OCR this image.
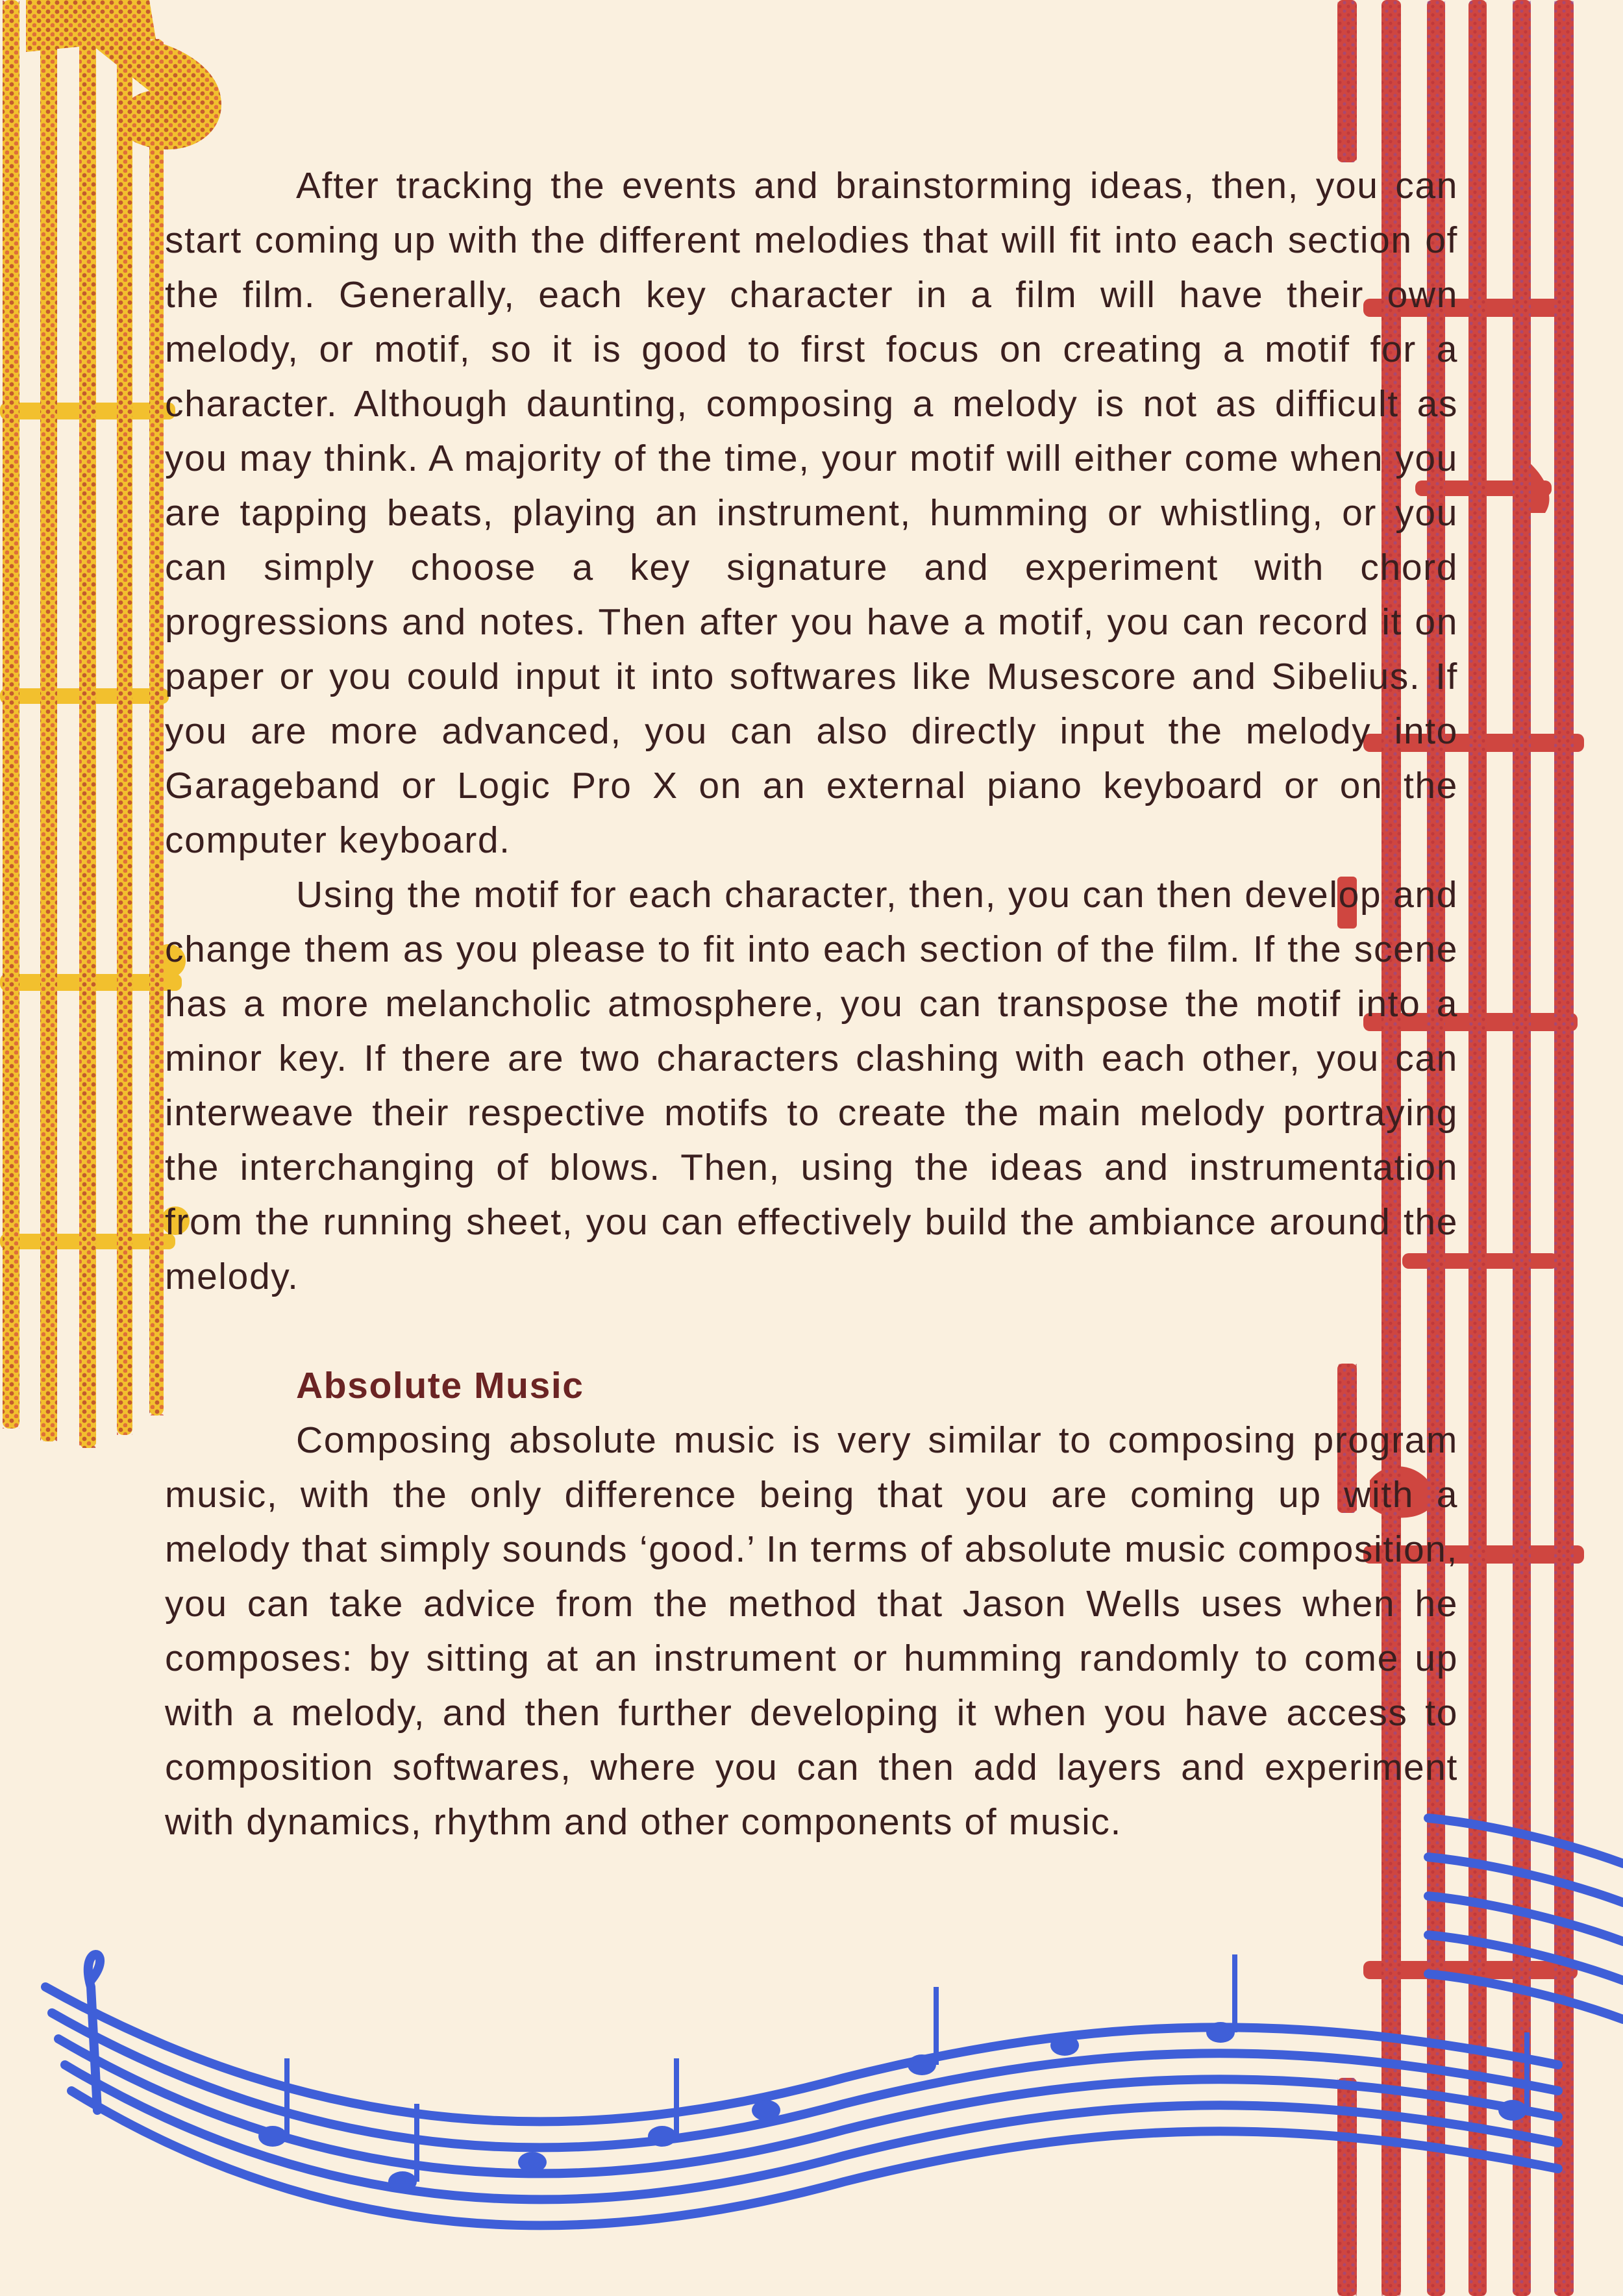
After tracking the events and brainstorming ideas, then, you can start coming up with the different melodies that will fit into each section of the film. Generally, each key character in a film will have their own melody, or motif, so it is good to first focus on creating a motif for a character. Although daunting, composing a melody is not as difficult as you may think. A majority of the time, your motif will either come when you are tapping beats, playing an instrument, humming or whistling, or you can simply choose a key signature and experiment with chord progressions and notes. Then after you have a motif, you can record it on paper or you could input it into softwares like Musescore and Sibelius. If you are more advanced, you can also directly input the melody into Garageband or Logic Pro X on an external piano keyboard or on the computer keyboard.

Using the motif for each character, then, you can then develop and change them as you please to fit into each section of the film. If the scene has a more melancholic atmosphere, you can transpose the motif into a minor key. If there are two characters clashing with each other, you can interweave their respective motifs to create the main melody portraying the interchanging of blows. Then, using the ideas and instrumentation from the running sheet, you can effectively build the ambiance around the melody.

Absolute Music

Composing absolute music is very similar to composing program music, with the only difference being that you are coming up with a melody that simply sounds ‘good.’ In terms of absolute music composition, you can take advice from the method that Jason Wells uses when he composes: by sitting at an instrument or humming randomly to come up with a melody, and then further developing it when you have access to composition softwares, where you can then add layers and experiment with dynamics, rhythm and other components of music.
